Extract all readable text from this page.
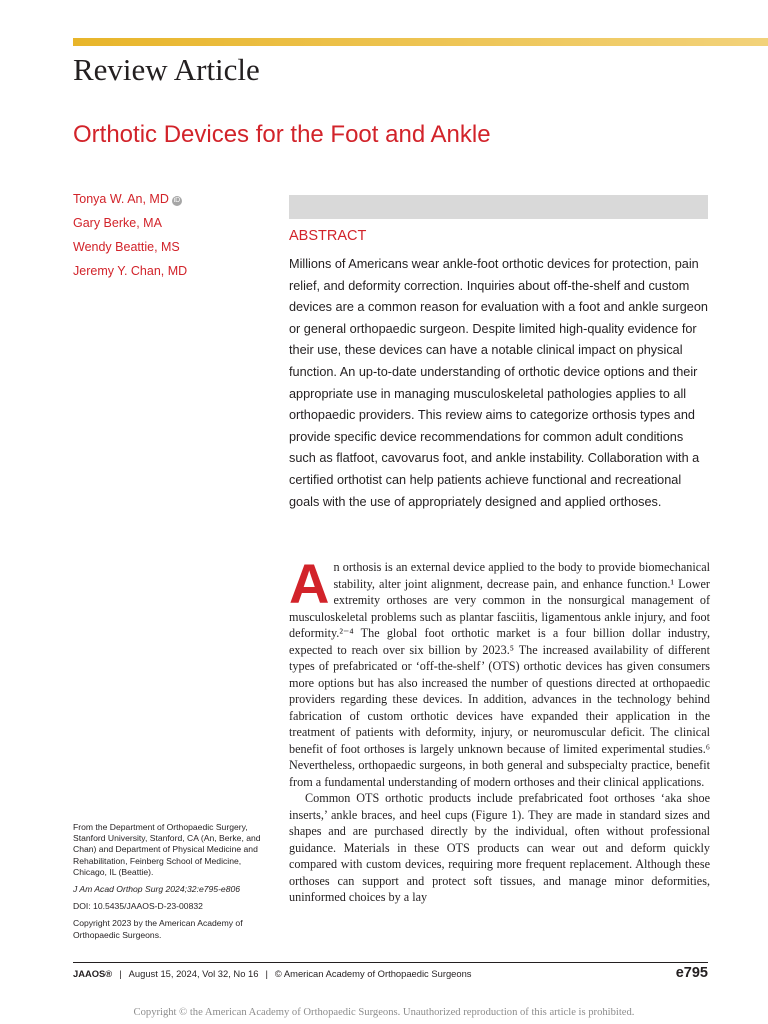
Review Article
Orthotic Devices for the Foot and Ankle
Tonya W. An, MD iD
Gary Berke, MA
Wendy Beattie, MS
Jeremy Y. Chan, MD
ABSTRACT
Millions of Americans wear ankle-foot orthotic devices for protection, pain relief, and deformity correction. Inquiries about off-the-shelf and custom devices are a common reason for evaluation with a foot and ankle surgeon or general orthopaedic surgeon. Despite limited high-quality evidence for their use, these devices can have a notable clinical impact on physical function. An up-to-date understanding of orthotic device options and their appropriate use in managing musculoskeletal pathologies applies to all orthopaedic providers. This review aims to categorize orthosis types and provide specific device recommendations for common adult conditions such as flatfoot, cavovarus foot, and ankle instability. Collaboration with a certified orthotist can help patients achieve functional and recreational goals with the use of appropriately designed and applied orthoses.

An orthosis is an external device applied to the body to provide biomechanical stability, alter joint alignment, decrease pain, and enhance function.¹ Lower extremity orthoses are very common in the nonsurgical management of musculoskeletal problems such as plantar fasciitis, ligamentous ankle injury, and foot deformity.²⁻⁴ The global foot orthotic market is a four billion dollar industry, expected to reach over six billion by 2023.⁵ The increased availability of different types of prefabricated or ‘off-the-shelf’ (OTS) orthotic devices has given consumers more options but has also increased the number of questions directed at orthopaedic providers regarding these devices. In addition, advances in the technology behind fabrication of custom orthotic devices have expanded their application in the treatment of patients with deformity, injury, or neuromuscular deficit. The clinical benefit of foot orthoses is largely unknown because of limited experimental studies.⁶ Nevertheless, orthopaedic surgeons, in both general and subspecialty practice, benefit from a fundamental understanding of modern orthoses and their clinical applications.

Common OTS orthotic products include prefabricated foot orthoses ‘aka shoe inserts,’ ankle braces, and heel cups (Figure 1). They are made in standard sizes and shapes and are purchased directly by the individual, often without professional guidance. Materials in these OTS products can wear out and deform quickly compared with custom devices, requiring more frequent replacement. Although these orthoses can support and protect soft tissues, and manage minor deformities, uninformed choices by a lay

From the Department of Orthopaedic Surgery, Stanford University, Stanford, CA (An, Berke, and Chan) and Department of Physical Medicine and Rehabilitation, Feinberg School of Medicine, Chicago, IL (Beattie).
J Am Acad Orthop Surg 2024;32:e795-e806
DOI: 10.5435/JAAOS-D-23-00832
Copyright 2023 by the American Academy of Orthopaedic Surgeons.
JAAOS® | August 15, 2024, Vol 32, No 16 | © American Academy of Orthopaedic Surgeons	e795
Copyright © the American Academy of Orthopaedic Surgeons. Unauthorized reproduction of this article is prohibited.
